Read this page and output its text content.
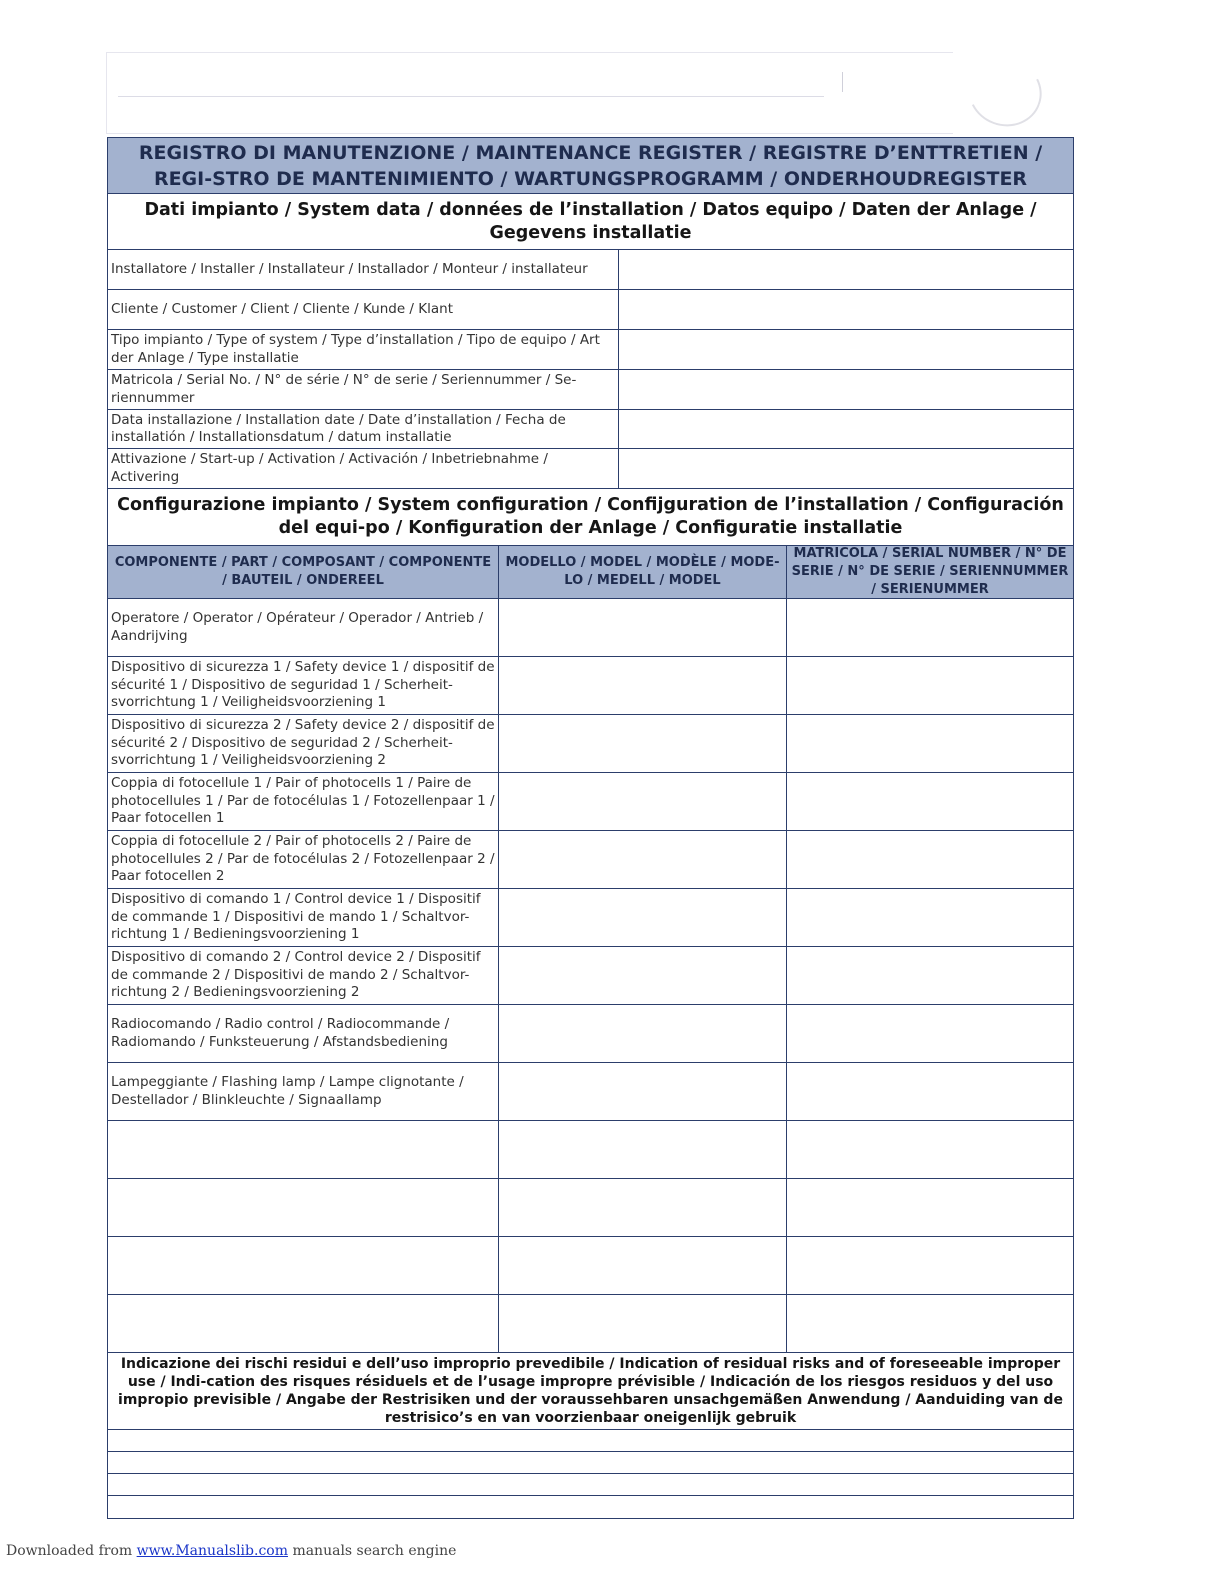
REGISTRO DI MANUTENZIONE / MAINTENANCE REGISTER / REGISTRE D’ENTTRETIEN / REGI-STRO DE MANTENIMIENTO / WARTUNGSPROGRAMM / ONDERHOUDREGISTER
Dati impianto / System data / données de l’installation / Datos equipo / Daten der Anlage / Gegevens installatie
Installatore / Installer / Installateur / Installador / Monteur / installateur
Cliente / Customer / Client / Cliente / Kunde / Klant
Tipo impianto / Type of system / Type d’installation / Tipo de equipo / Art der Anlage / Type installatie
Matricola / Serial No. / N° de série / N° de serie / Seriennummer / Se-riennummer
Data installazione / Installation date / Date d’installation / Fecha de installatión / Installationsdatum / datum installatie
Attivazione / Start-up / Activation / Activación / Inbetriebnahme / Activering
Configurazione impianto / System configuration / Confijguration de l’installation / Configuración del equi-po / Konfiguration der Anlage / Configuratie installatie
COMPONENTE / PART / COMPOSANT / COMPONENTE / BAUTEIL / ONDEREEL
MODELLO / MODEL / MODÈLE / MODE-LO / MEDELL / MODEL
MATRICOLA / SERIAL NUMBER / N° DE SERIE / N° DE SERIE / SERIENNUMMER / SERIENUMMER
Operatore / Operator / Opérateur / Operador / Antrieb / Aandrijving
Dispositivo di sicurezza 1 / Safety device 1 / dispositif de sécurité 1 / Dispositivo de seguridad 1 / Scherheit-svorrichtung 1 / Veiligheidsvoorziening 1
Dispositivo di sicurezza 2 / Safety device 2 / dispositif de sécurité 2 / Dispositivo de seguridad 2 / Scherheit-svorrichtung 1 / Veiligheidsvoorziening 2
Coppia di fotocellule 1 / Pair of photocells 1 / Paire de photocellules 1 / Par de fotocélulas 1 / Fotozellenpaar 1 / Paar fotocellen 1
Coppia di fotocellule 2 / Pair of photocells 2 / Paire de photocellules 2 / Par de fotocélulas 2 / Fotozellenpaar 2 / Paar fotocellen 2
Dispositivo di comando 1 / Control device 1 / Dispositif de commande 1 / Dispositivi de mando 1 / Schaltvor-richtung 1 / Bedieningsvoorziening 1
Dispositivo di comando 2 / Control device 2 / Dispositif de commande 2 / Dispositivi de mando 2 / Schaltvor-richtung 2 / Bedieningsvoorziening 2
Radiocomando / Radio control / Radiocommande / Radiomando / Funksteuerung / Afstandsbediening
Lampeggiante / Flashing lamp / Lampe clignotante / Destellador / Blinkleuchte / Signaallamp
Indicazione dei rischi residui e dell’uso improprio prevedibile / Indication of residual risks and of foreseeable improper use / Indi-cation des risques résiduels et de l’usage impropre prévisible / Indicación de los riesgos residuos y del uso impropio previsible / Angabe der Restrisiken und der voraussehbaren unsachgemäßen Anwendung / Aanduiding van de restrisico’s en van voorzienbaar oneigenlijk gebruik
Downloaded from www.Manualslib.com manuals search engine
